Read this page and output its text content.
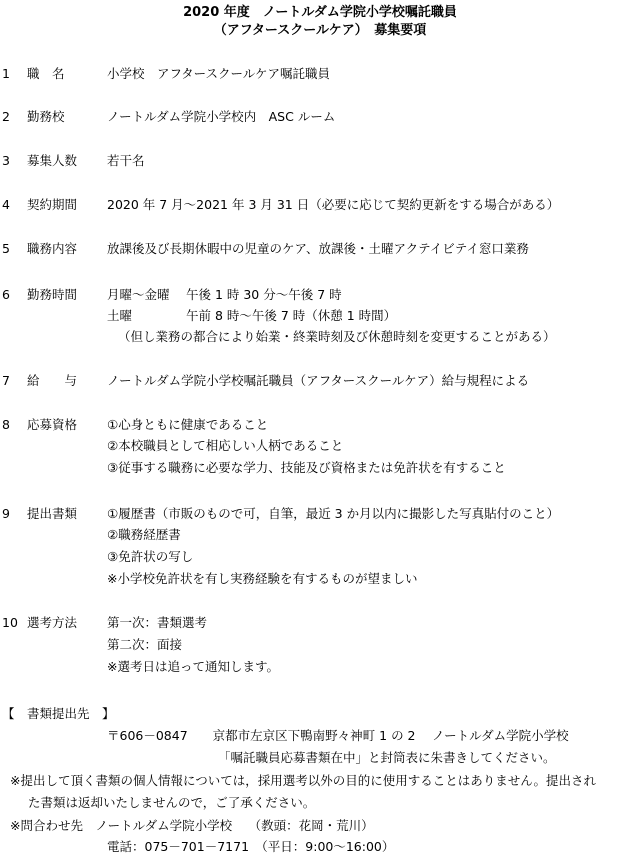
2020 年度　ノートルダム学院小学校嘱託職員
（アフタースクールケア）　募集要項
1 職　名	小学校　アフタースクールケア嘱託職員
2 勤務校	ノートルダム学院小学校内　ASC ルーム
3 募集人数 若干名
4 契約期間 2020 年 7 月～2021 年 3 月 31 日（必要に応じて契約更新をする場合がある）
5 職務内容 放課後及び長期休暇中の児童のケア、放課後・土曜アクテイビテイ窓口業務
6 勤務時間 月曜～金曜　 午後 1 時 30 分～午後 7 時
土曜　　　　 午前 8 時～午後 7 時（休憩 1 時間）
（但し業務の都合により始業・終業時刻及び休憩時刻を変更することがある）
7 給　　与 ノートルダム学院小学校嘱託職員（アフタースクールケア）給与規程による
8 応募資格 ①心身ともに健康であること
②本校職員として相応しい人柄であること
③従事する職務に必要な学力、技能及び資格または免許状を有すること
9 提出書類 ①履歴書（市販のもので可，自筆，最近 3 か月以内に撮影した写真貼付のこと）
②職務経歴書
③免許状の写し
※小学校免許状を有し実務経験を有するものが望ましい
10 選考方法 第一次：書類選考
第二次：面接
※選考日は追って通知します。
【　書類提出先　】
〒606－0847　　京都市左京区下鴨南野々神町 1 の 2　 ノートルダム学院小学校
「嘱託職員応募書類在中」と封筒表に朱書きしてください。
※提出して頂く書類の個人情報については，採用選考以外の目的に使用することはありません。提出され
た書類は返却いたしませんので，ご了承ください。
※問合わせ先　ノートルダム学院小学校　 （教頭：花岡・荒川）
電話：075－701－7171　（平日：9:00～16:00）
